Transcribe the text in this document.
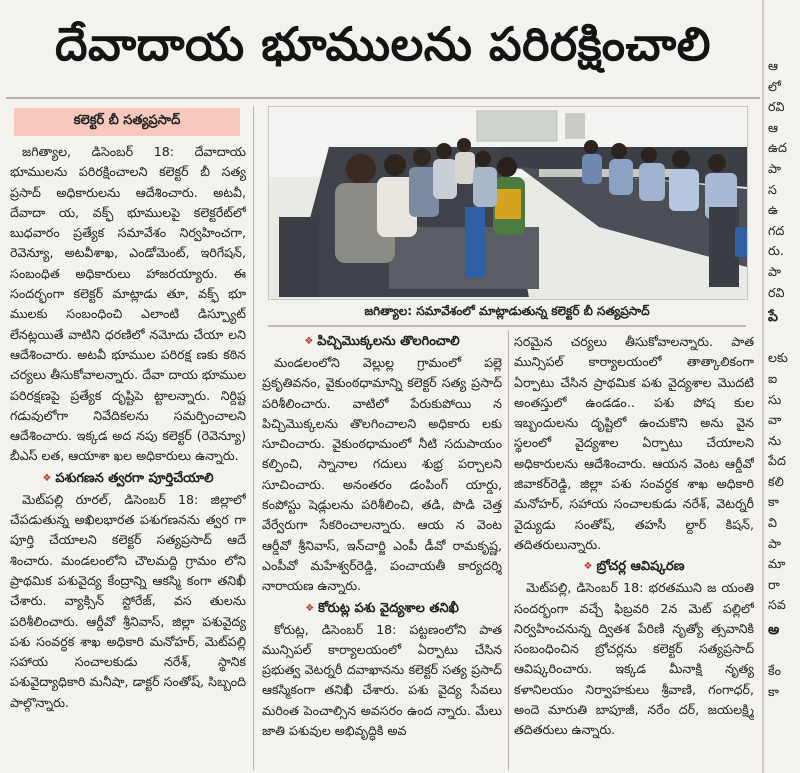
దేవాదాయ భూములను పరిరక్షించాలి
కలెక్టర్ బీ సత్యప్రసాద్

జగిత్యాల, డిసెంబర్ 18: దేవాదాయ భూములను పరిరక్షించాలని కలెక్టర్ బీ సత్య ప్రసాద్ అధికారులను ఆదేశించారు. అటవీ, దేవాదా య, వక్ఫ్ భూములపై కలెక్టరేట్‌లో బుధవారం ప్రత్యేక సమావేశం నిర్వహించగా, రెవెన్యూ, అటవీశాఖ, ఎండోమెంట్, ఇరిగేషన్, సంబంధిత అధికారులు హాజరయ్యారు. ఈ సందర్భంగా కలెక్టర్ మాట్లాడు తూ, వక్ఫ్ భూ ములకు సంబంధించి ఎలాంటి డిస్ప్యూట్ లేనట్లయితే వాటిని ధరణిలో నమోదు చేయా లని ఆదేశించారు. అటవీ భూముల పరిరక్ష ణకు కఠిన చర్యలు తీసుకోవాలన్నారు. దేవా దాయ భూముల పరిరక్షణపై ప్రత్యేక దృష్టిపె ట్టాలన్నారు. నిర్దిష్ట గడువులోగా నివేదికలను సమర్పించాలని ఆదేశించారు. ఇక్కడ అద నపు కలెక్టర్ (రెవెన్యూ) బీఎస్ లత, ఆయాశా ఖల అధికారులు ఉన్నారు.

❖ పశుగణన త్వరగా పూర్తిచేయాలి

మెట్‌పల్లి రూరల్, డిసెంబర్ 18: జిల్లాలో చేపడుతున్న అఖిలభారత పశుగణనను త్వర గా పూర్తి చేయాలని కలెక్టర్ సత్యప్రసాద్ ఆదే శించారు. మండలంలోని చౌలమద్ది గ్రామం లోని ప్రాథమిక పశువైద్య కేంద్రాన్ని ఆకస్మి కంగా తనిఖీ చేశారు. వ్యాక్సిన్ స్టోరేజ్, వస తులను పరిశీలించారు. ఆర్డీవో శ్రీనివాస్, జిల్లా పశువైద్య పశు సంవర్ధక శాఖ అధికారి మనోహర్, మెట్‌పల్లి సహాయ సంచాలకుడు నరేశ్, స్థానిక పశువైద్యాధికారి మనీషా, డాక్టర్ సంతోష్, సిబ్బంది పాల్గొన్నారు.

జగిత్యాల: సమావేశంలో మాట్లాడుతున్న కలెక్టర్ బీ సత్యప్రసాద్
❖ పిచ్చిమొక్కలను తొలగించాలి

మండలంలోని వెల్లుల్ల గ్రామంలో పల్లె ప్రకృతివనం, వైకుంఠధామాన్ని కలెక్టర్ సత్య ప్రసాద్ పరిశీలించారు. వాటిలో పేరుకుపోయి న పిచ్చిమొక్కలను తొలగించాలని అధికారు లకు సూచించారు. వైకుంఠధామంలో నీటి సదుపాయం కల్పించి, స్నానాల గదులు శుభ్ర పర్చాలని సూచించారు. అనంతరం డంపింగ్ యార్డు, కంపోస్టు షెడ్లులను పరిశీలించి, తడి, పొడి చెత్త వేర్వేరుగా సేకరించాలన్నారు. ఆయ న వెంట ఆర్డీవో శ్రీనివాస్, ఇన్‌చార్జి ఎంపీ డీవో రామకృష్ణ, ఎంపీవో మహేశ్వర్‌రెడ్డి, పంచాయతీ కార్యదర్శి నారాయణ ఉన్నారు.

❖ కోరుట్ల పశు వైద్యశాల తనిఖీ

కోరుట్ల, డిసెంబర్ 18: పట్టణంలోని పాత మున్సిపల్ కార్యాలయంలో ఏర్పాటు చేసిన ప్రభుత్వ వెటర్నరీ దవాఖానను కలెక్టర్ సత్య ప్రసాద్ ఆకస్మికంగా తనిఖీ చేశారు. పశు వైద్య సేవలు మరింత పెంచాల్సిన అవసరం ఉంద న్నారు. మేలు జాతి పశువుల అభివృద్ధికి అవ

సరమైన చర్యలు తీసుకోవాలన్నారు. పాత మున్సిపల్ కార్యాలయంలో తాత్కాలికంగా ఏర్పాటు చేసిన ప్రాథమిక పశు వైద్యశాల మొదటి అంతస్తులో ఉండడం.. పశు పోష కుల ఇబ్బందులను దృష్టిలో ఉంచుకొని అను వైన స్థలంలో వైద్యశాల ఏర్పాటు చేయాలని అధికారులను ఆదేశించారు. ఆయన వెంట ఆర్డీవో జివాకర్‌రెడ్డి, జిల్లా పశు సంవర్ధక శాఖ అధికారి మనోహర్, సహాయ సంచాలకుడు నరేశ్, వెటర్నరీ వైద్యుడు సంతోష్, తహసీ ల్దార్ కిషన్, తదితరులున్నారు.

❖ బ్రోచర్ల ఆవిష్కరణ

మెట్‌పల్లి, డిసెంబర్ 18: భరతముని జ యంతి సందర్భంగా వచ్చే ఫిబ్రవరి 2న మెట్ పల్లిలో నిర్వహించనున్న ద్వితశ పేరిణి నృత్యో త్సవానికి సంబంధించిన బ్రోచర్లను కలెక్టర్ సత్యప్రసాద్ ఆవిష్కరించారు. ఇక్కడ మీనాక్షి నృత్య కళానిలయం నిర్వాహకులు శ్రీవాణి, గంగాధర్, అందె మారుతి బాపూజీ, నరేం దర్, జయలక్ష్మి తదితరులు ఉన్నారు.

ఆ
లో
రవి
ఆ
ఉద
పా
స
ఉ
గద
రు.
పా
రవి
పే
లకు
ఐ
సు
వా
ను
పేద
కలి
కా
వి
పా
మా
రా
సవ
అ
కేం
కా
